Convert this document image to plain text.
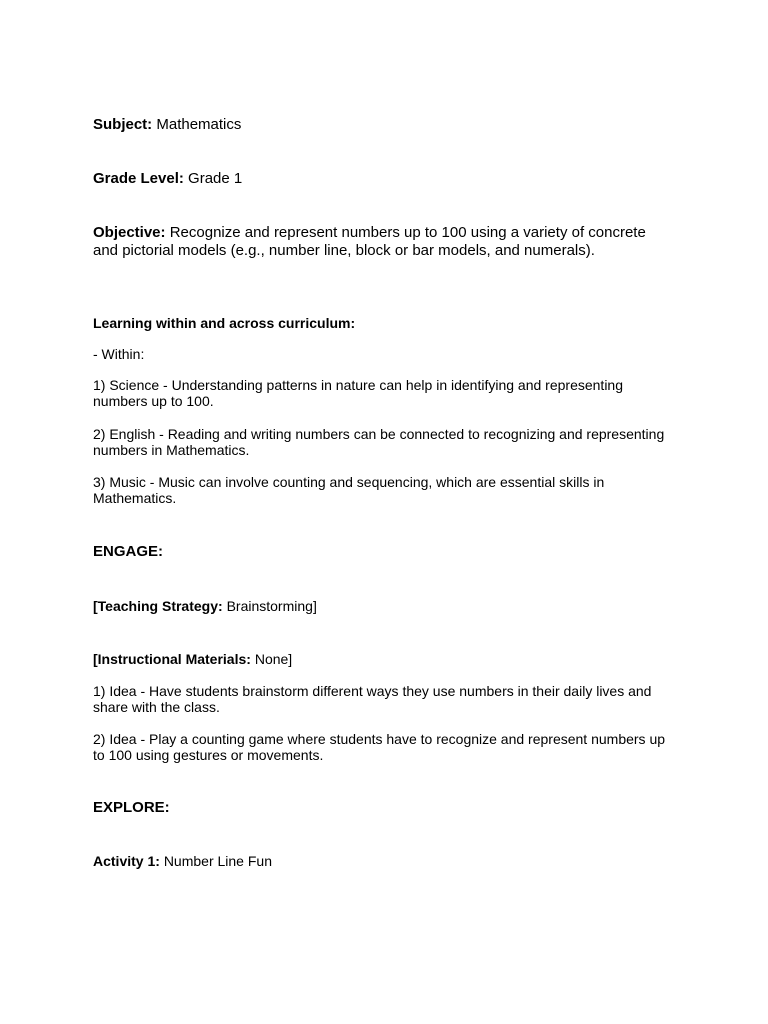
Subject: Mathematics

Grade Level: Grade 1

Objective: Recognize and represent numbers up to 100 using a variety of concrete and pictorial models (e.g., number line, block or bar models, and numerals).

Learning within and across curriculum:

- Within:

1) Science - Understanding patterns in nature can help in identifying and representing numbers up to 100.

2) English - Reading and writing numbers can be connected to recognizing and representing numbers in Mathematics.

3) Music - Music can involve counting and sequencing, which are essential skills in Mathematics.

ENGAGE:

[Teaching Strategy: Brainstorming]

[Instructional Materials: None]

1) Idea - Have students brainstorm different ways they use numbers in their daily lives and share with the class.

2) Idea - Play a counting game where students have to recognize and represent numbers up to 100 using gestures or movements.

EXPLORE:

Activity 1: Number Line Fun
